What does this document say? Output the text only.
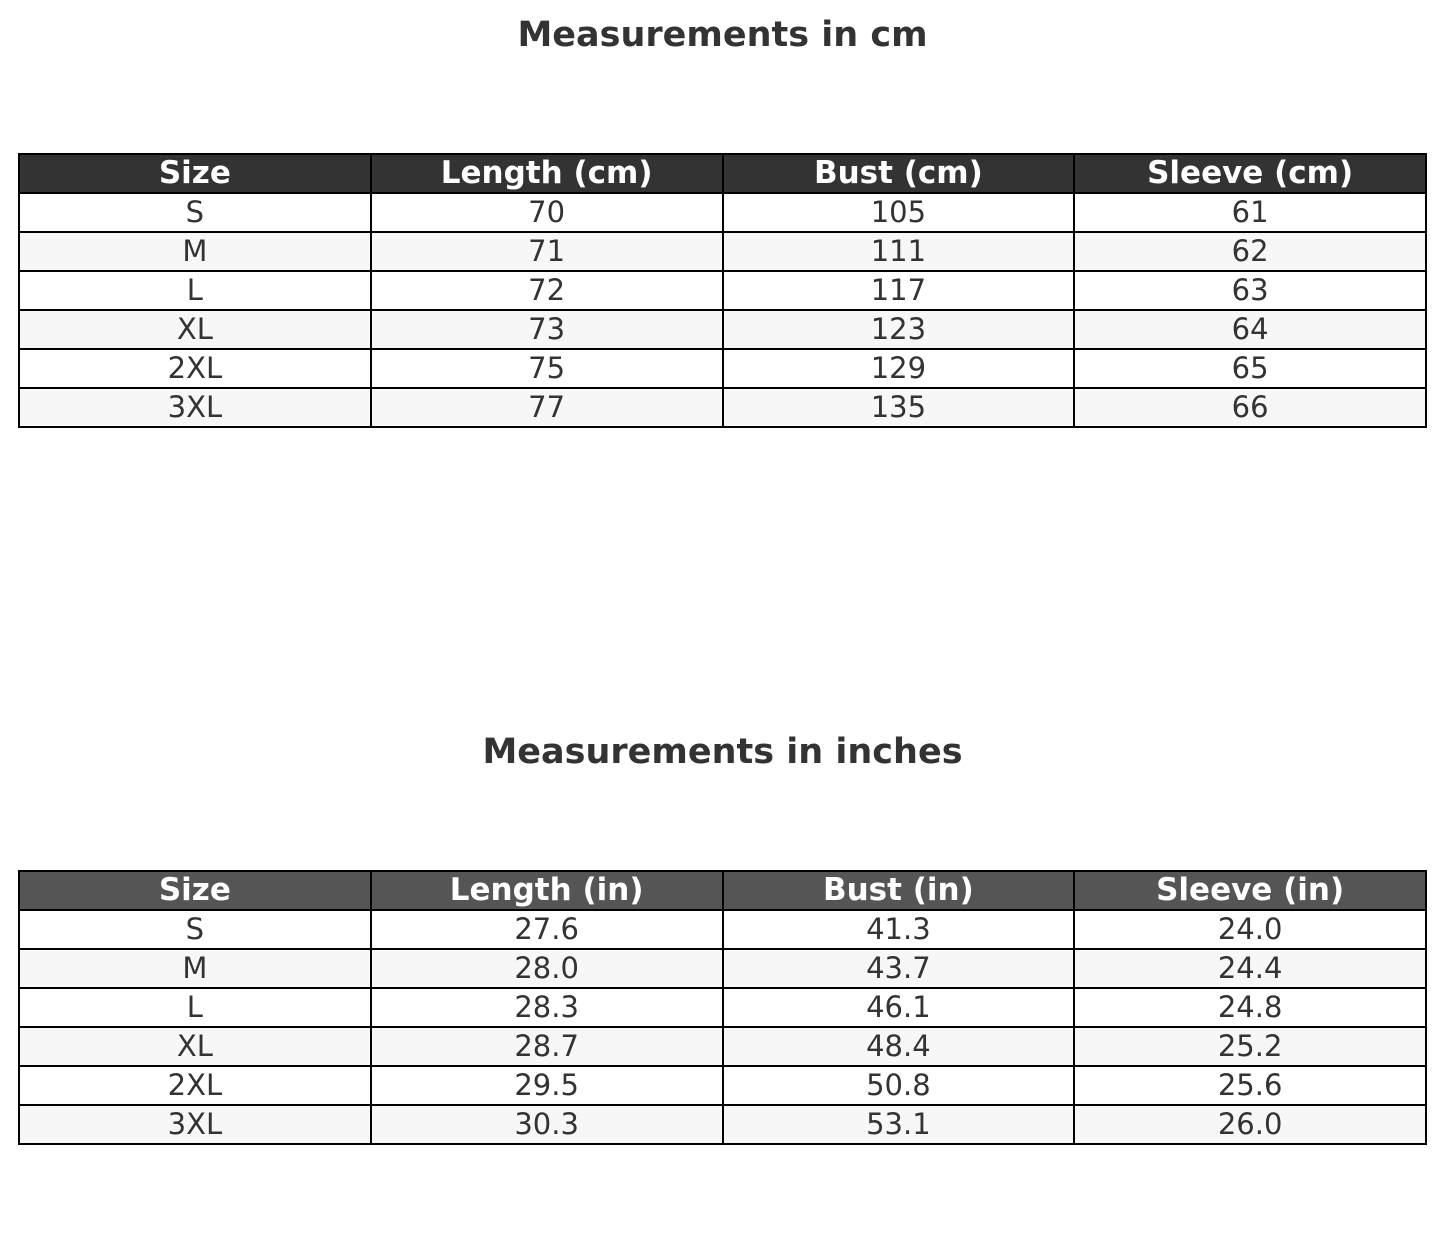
Measurements in cm
Size	Length (cm)	Bust (cm)	Sleeve (cm)
S	70	105	61
M	71	111	62
L	72	117	63
XL	73	123	64
2XL	75	129	65
3XL	77	135	66
Measurements in inches
Size	Length (in)	Bust (in)	Sleeve (in)
S	27.6	41.3	24.0
M	28.0	43.7	24.4
L	28.3	46.1	24.8
XL	28.7	48.4	25.2
2XL	29.5	50.8	25.6
3XL	30.3	53.1	26.0
